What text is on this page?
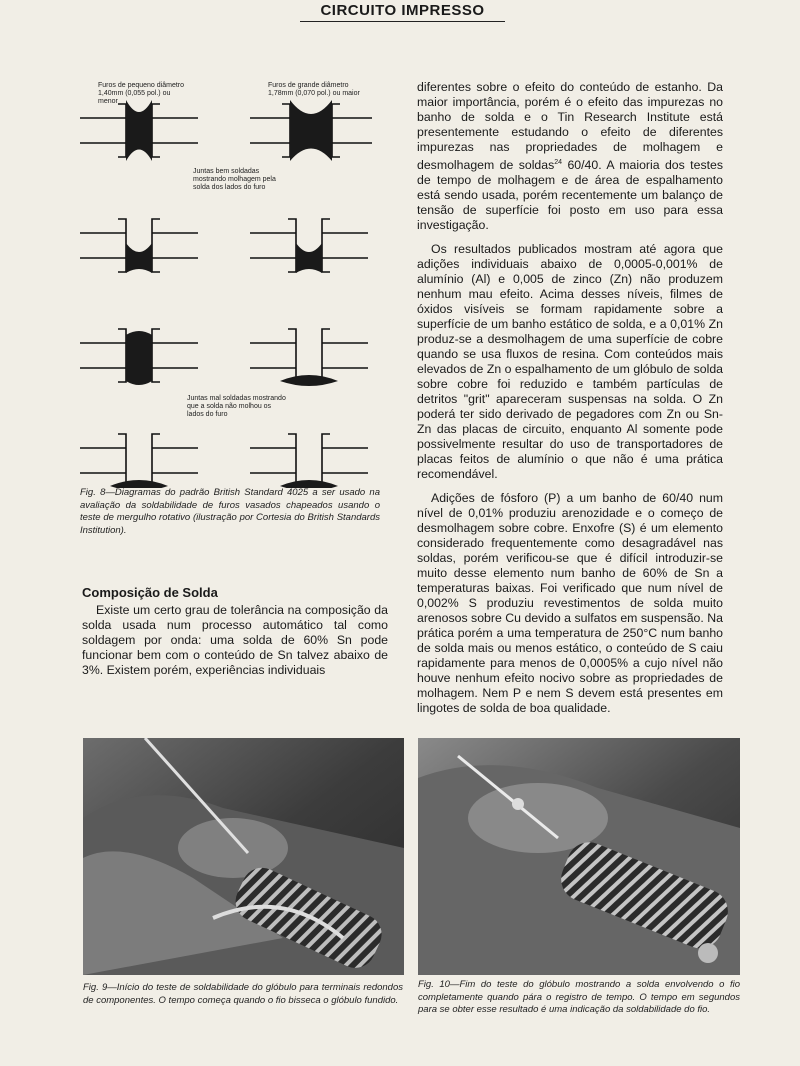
CIRCUITO IMPRESSO
Furos de pequeno diâmetro 1,40mm (0,055 pol.) ou menor
Furos de grande diâmetro 1,78mm (0,070 pol.) ou maior
Juntas bem soldadas mostrando molhagem pela solda dos lados do furo
Juntas mal soldadas mostrando que a solda não molhou os lados do furo
Fig. 8—Diagramas do padrão British Standard 4025 a ser usado na avaliação da soldabilidade de furos vasados chapeados usando o teste de mergulho rotativo (ilustração por Cortesia do British Standards Institution).
Composição de Solda

Existe um certo grau de tolerância na composição da solda usada num processo automático tal como soldagem por onda: uma solda de 60% Sn pode funcionar bem com o conteúdo de Sn talvez abaixo de 3%. Existem porém, experiências individuais

diferentes sobre o efeito do conteúdo de estanho. Da maior importância, porém é o efeito das impurezas no banho de solda e o Tin Research Institute está presentemente estudando o efeito de diferentes impurezas nas propriedades de molhagem e desmolhagem de soldas$^{24}$ 60/40. A maioria dos testes de tempo de molhagem e de área de espalhamento está sendo usada, porém recentemente um balanço de tensão de superfície foi posto em uso para essa investigação.

Os resultados publicados mostram até agora que adições individuais abaixo de 0,0005-0,001% de alumínio (Al) e 0,005 de zinco (Zn) não produzem nenhum mau efeito. Acima desses níveis, filmes de óxidos visíveis se formam rapidamente sobre a superfície de um banho estático de solda, e a 0,01% Zn produz-se a desmolhagem de uma superfície de cobre quando se usa fluxos de resina. Com conteúdos mais elevados de Zn o espalhamento de um glóbulo de solda sobre cobre foi reduzido e também partículas de detritos "grit" apareceram suspensas na solda. O Zn poderá ter sido derivado de pegadores com Zn ou Sn-Zn das placas de circuito, enquanto Al somente pode possivelmente resultar do uso de transportadores de placas feitos de alumínio o que não é uma prática recomendável.

Adições de fósforo (P) a um banho de 60/40 num nível de 0,01% produziu arenozidade e o começo de desmolhagem sobre cobre. Enxofre (S) é um elemento considerado frequentemente como desagradável nas soldas, porém verificou-se que é difícil introduzir-se muito desse elemento num banho de 60% de Sn a temperaturas baixas. Foi verificado que num nível de 0,002% S produziu revestimentos de solda muito arenosos sobre Cu devido a sulfatos em suspensão. Na prática porém a uma temperatura de 250°C num banho de solda mais ou menos estático, o conteúdo de S caiu rapidamente para menos de 0,0005% a cujo nível não houve nenhum efeito nocivo sobre as propriedades de molhagem. Nem P e nem S devem está presentes em lingotes de solda de boa qualidade.

Fig. 9—Início do teste de soldabilidade do glóbulo para terminais redondos de componentes. O tempo começa quando o fio bisseca o glóbulo fundido.
Fig. 10—Fim do teste do glóbulo mostrando a solda envolvendo o fio completamente quando pára o registro de tempo. O tempo em segundos para se obter esse resultado é uma indicação da soldabilidade do fio.
